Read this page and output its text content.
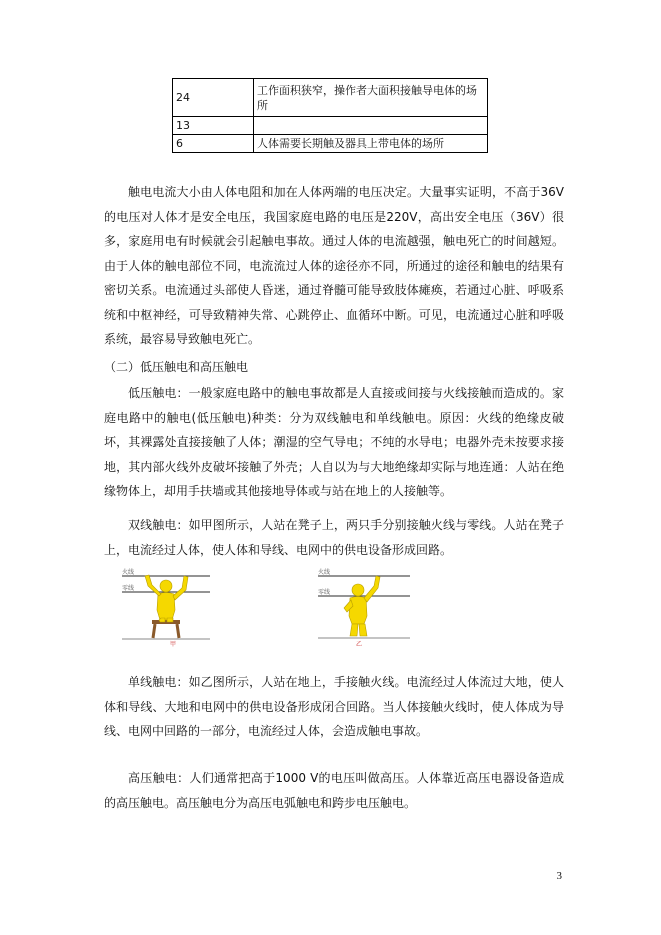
24	工作面积狭窄，操作者大面积接触导电体的场所
13	
6	人体需要长期触及器具上带电体的场所

触电电流大小由人体电阻和加在人体两端的电压决定。大量事实证明，不高于36V的电压对人体才是安全电压，我国家庭电路的电压是220V，高出安全电压（36V）很多，家庭用电有时候就会引起触电事故。通过人体的电流越强，触电死亡的时间越短。由于人体的触电部位不同，电流流过人体的途径亦不同，所通过的途径和触电的结果有密切关系。电流通过头部使人昏迷，通过脊髓可能导致肢体瘫痪，若通过心脏、呼吸系统和中枢神经，可导致精神失常、心跳停止、血循环中断。可见，电流通过心脏和呼吸系统，最容易导致触电死亡。

（二）低压触电和高压触电

低压触电：一般家庭电路中的触电事故都是人直接或间接与火线接触而造成的。家庭电路中的触电(低压触电)种类：分为双线触电和单线触电。原因：火线的绝缘皮破坏，其裸露处直接接触了人体；潮湿的空气导电；不纯的水导电；电器外壳未按要求接地，其内部火线外皮破坏接触了外壳；人自以为与大地绝缘却实际与地连通：人站在绝缘物体上，却用手扶墙或其他接地导体或与站在地上的人接触等。

双线触电：如甲图所示，人站在凳子上，两只手分别接触火线与零线。人站在凳子上，电流经过人体，使人体和导线、电网中的供电设备形成回路。

火线
零线
甲
火线
零线
乙

单线触电：如乙图所示，人站在地上，手接触火线。电流经过人体流过大地，使人体和导线、大地和电网中的供电设备形成闭合回路。当人体接触火线时，使人体成为导线、电网中回路的一部分，电流经过人体，会造成触电事故。

高压触电：人们通常把高于1000 V的电压叫做高压。人体靠近高压电器设备造成的高压触电。高压触电分为高压电弧触电和跨步电压触电。

3
